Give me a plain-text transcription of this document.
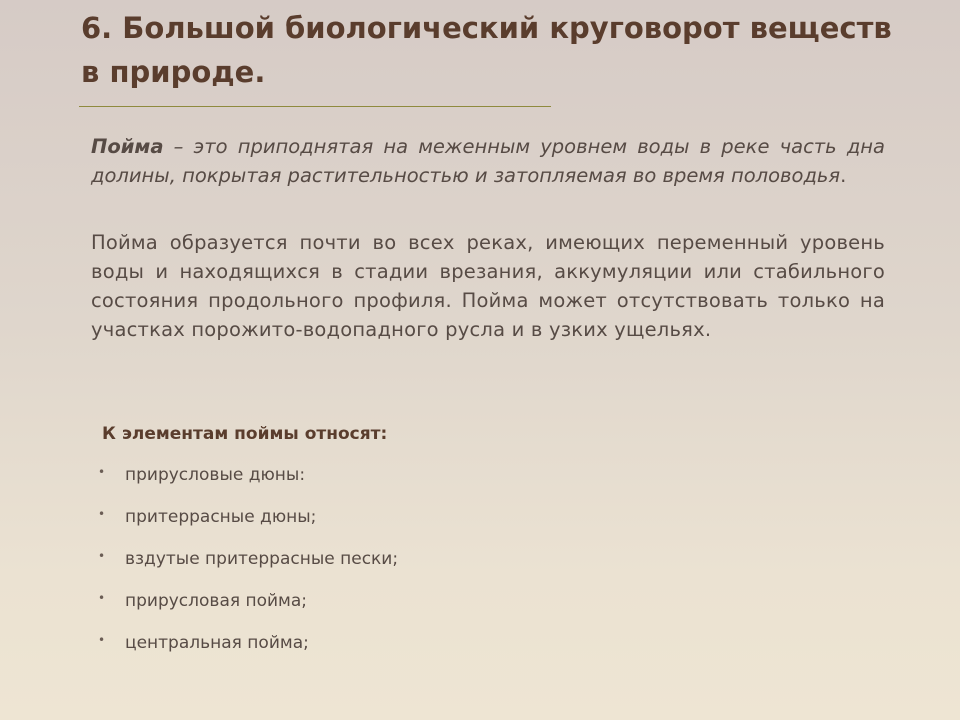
6. Большой биологический круговорот веществ в природе.

Пойма – это приподнятая на меженным уровнем воды в реке часть дна долины, покрытая растительностью и затопляемая во время половодья.

Пойма образуется почти во всех реках, имеющих переменный уровень воды и находящихся в стадии врезания, аккумуляции или стабильного состояния продольного профиля. Пойма может отсутствовать только на участках порожито-водопадного русла и в узких ущельях.

К элементам поймы относят:
•	прирусловые дюны:
•	притеррасные дюны;
•	вздутые притеррасные пески;
•	прирусловая пойма;
•	центральная пойма;
